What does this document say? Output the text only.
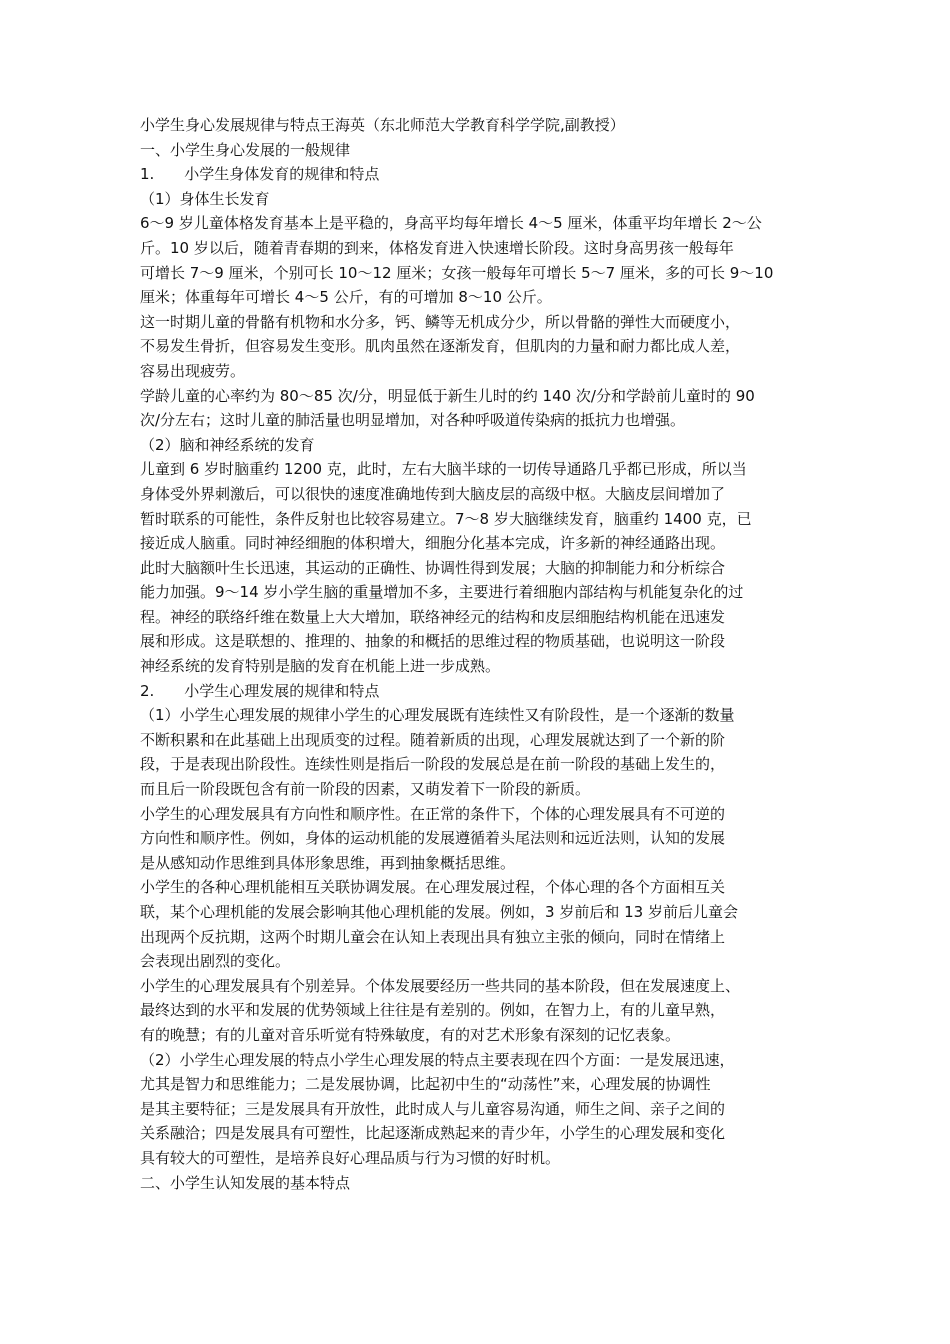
小学生身心发展规律与特点王海英（东北师范大学教育科学学院,副教授）
一、小学生身心发展的一般规律
1.　　小学生身体发育的规律和特点
（1）身体生长发育
6～9 岁儿童体格发育基本上是平稳的，身高平均每年增长 4～5 厘米，体重平均年增长 2～公
斤。10 岁以后，随着青春期的到来，体格发育进入快速增长阶段。这时身高男孩一般每年
可增长 7～9 厘米，个别可长 10～12 厘米；女孩一般每年可增长 5～7 厘米，多的可长 9～10
厘米；体重每年可增长 4～5 公斤，有的可增加 8～10 公斤。
这一时期儿童的骨骼有机物和水分多，钙、鳞等无机成分少，所以骨骼的弹性大而硬度小，
不易发生骨折，但容易发生变形。肌肉虽然在逐渐发育，但肌肉的力量和耐力都比成人差，
容易出现疲劳。
学龄儿童的心率约为 80～85 次/分，明显低于新生儿时的约 140 次/分和学龄前儿童时的 90
次/分左右；这时儿童的肺活量也明显增加，对各种呼吸道传染病的抵抗力也增强。
（2）脑和神经系统的发育
儿童到 6 岁时脑重约 1200 克，此时，左右大脑半球的一切传导通路几乎都已形成，所以当
身体受外界刺激后，可以很快的速度准确地传到大脑皮层的高级中枢。大脑皮层间增加了
暂时联系的可能性，条件反射也比较容易建立。7～8 岁大脑继续发育，脑重约 1400 克，已
接近成人脑重。同时神经细胞的体积增大，细胞分化基本完成，许多新的神经通路出现。
此时大脑额叶生长迅速，其运动的正确性、协调性得到发展；大脑的抑制能力和分析综合
能力加强。9～14 岁小学生脑的重量增加不多，主要进行着细胞内部结构与机能复杂化的过
程。神经的联络纤维在数量上大大增加，联络神经元的结构和皮层细胞结构机能在迅速发
展和形成。这是联想的、推理的、抽象的和概括的思维过程的物质基础，也说明这一阶段
神经系统的发育特别是脑的发育在机能上进一步成熟。
2.　　小学生心理发展的规律和特点
（1）小学生心理发展的规律小学生的心理发展既有连续性又有阶段性，是一个逐渐的数量
不断积累和在此基础上出现质变的过程。随着新质的出现，心理发展就达到了一个新的阶
段，于是表现出阶段性。连续性则是指后一阶段的发展总是在前一阶段的基础上发生的，
而且后一阶段既包含有前一阶段的因素，又萌发着下一阶段的新质。
小学生的心理发展具有方向性和顺序性。在正常的条件下，个体的心理发展具有不可逆的
方向性和顺序性。例如，身体的运动机能的发展遵循着头尾法则和远近法则，认知的发展
是从感知动作思维到具体形象思维，再到抽象概括思维。
小学生的各种心理机能相互关联协调发展。在心理发展过程，个体心理的各个方面相互关
联，某个心理机能的发展会影响其他心理机能的发展。例如，3 岁前后和 13 岁前后儿童会
出现两个反抗期，这两个时期儿童会在认知上表现出具有独立主张的倾向，同时在情绪上
会表现出剧烈的变化。
小学生的心理发展具有个别差异。个体发展要经历一些共同的基本阶段，但在发展速度上、
最终达到的水平和发展的优势领域上往往是有差别的。例如，在智力上，有的儿童早熟，
有的晚慧；有的儿童对音乐听觉有特殊敏度，有的对艺术形象有深刻的记忆表象。
（2）小学生心理发展的特点小学生心理发展的特点主要表现在四个方面：一是发展迅速，
尤其是智力和思维能力；二是发展协调，比起初中生的“动荡性”来，心理发展的协调性
是其主要特征；三是发展具有开放性，此时成人与儿童容易沟通，师生之间、亲子之间的
关系融洽；四是发展具有可塑性，比起逐渐成熟起来的青少年，小学生的心理发展和变化
具有较大的可塑性，是培养良好心理品质与行为习惯的好时机。
二、小学生认知发展的基本特点
